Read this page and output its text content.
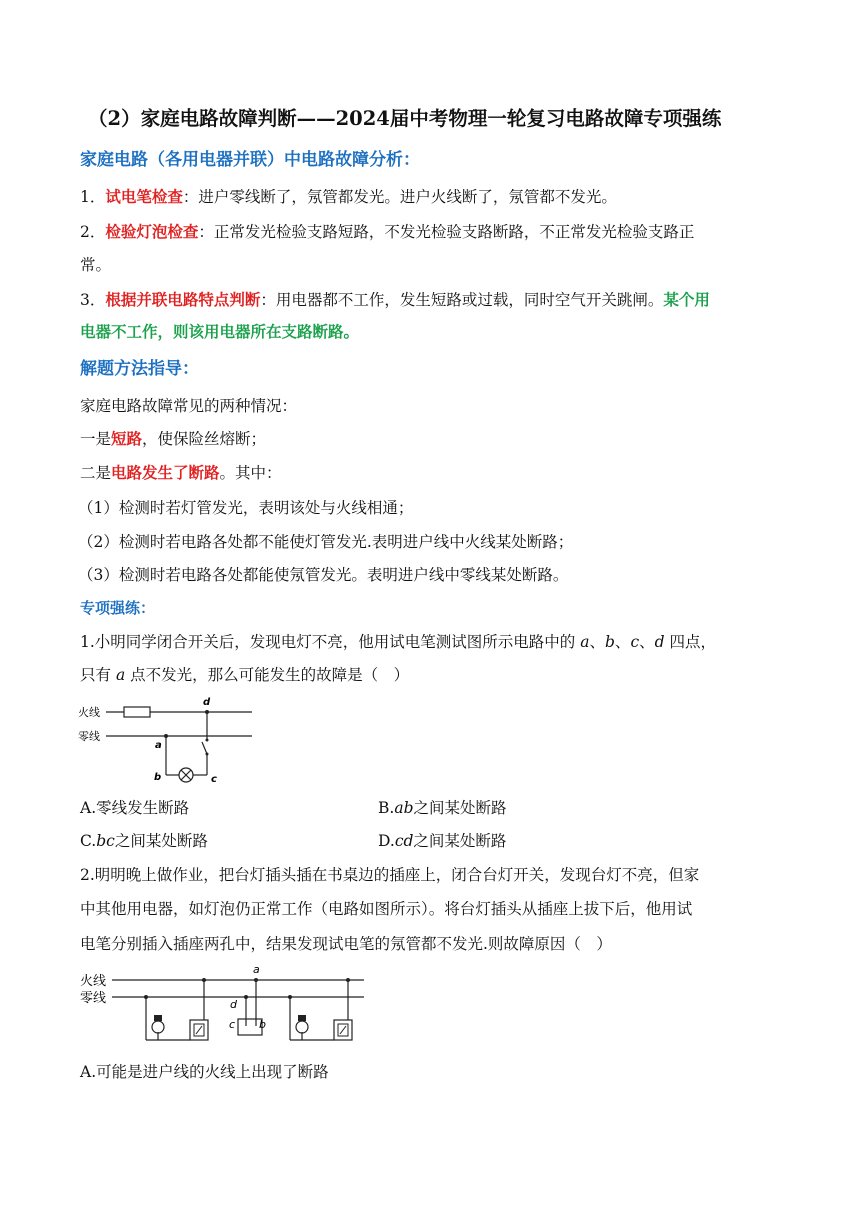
（2）家庭电路故障判断——2024届中考物理一轮复习电路故障专项强练
家庭电路（各用电器并联）中电路故障分析：
1．试电笔检查：进户零线断了，氖管都发光。进户火线断了，氖管都不发光。
2．检验灯泡检查：正常发光检验支路短路，不发光检验支路断路，不正常发光检验支路正
常。
3．根据并联电路特点判断：用电器都不工作，发生短路或过载，同时空气开关跳闸。某个用
电器不工作，则该用电器所在支路断路。
解题方法指导：
家庭电路故障常见的两种情况：
一是短路，使保险丝熔断；
二是电路发生了断路。其中：
（1）检测时若灯管发光，表明该处与火线相通；
（2）检测时若电路各处都不能使灯管发光.表明进户线中火线某处断路；
（3）检测时若电路各处都能使氖管发光。表明进户线中零线某处断路。
专项强练：
1.小明同学闭合开关后，发现电灯不亮，他用试电笔测试图所示电路中的 a、b、c、d 四点，
只有 a 点不发光，那么可能发生的故障是（　）
火线
零线
a
b	c
d
A.零线发生断路	B.ab之间某处断路
C.bc之间某处断路	D.cd之间某处断路
2.明明晚上做作业，把台灯插头插在书桌边的插座上，闭合台灯开关，发现台灯不亮，但家
中其他用电器，如灯泡仍正常工作（电路如图所示）。将台灯插头从插座上拔下后，他用试
电笔分别插入插座两孔中，结果发现试电笔的氖管都不发光.则故障原因（　）
火线
零线
a
b
c
d
A.可能是进户线的火线上出现了断路
